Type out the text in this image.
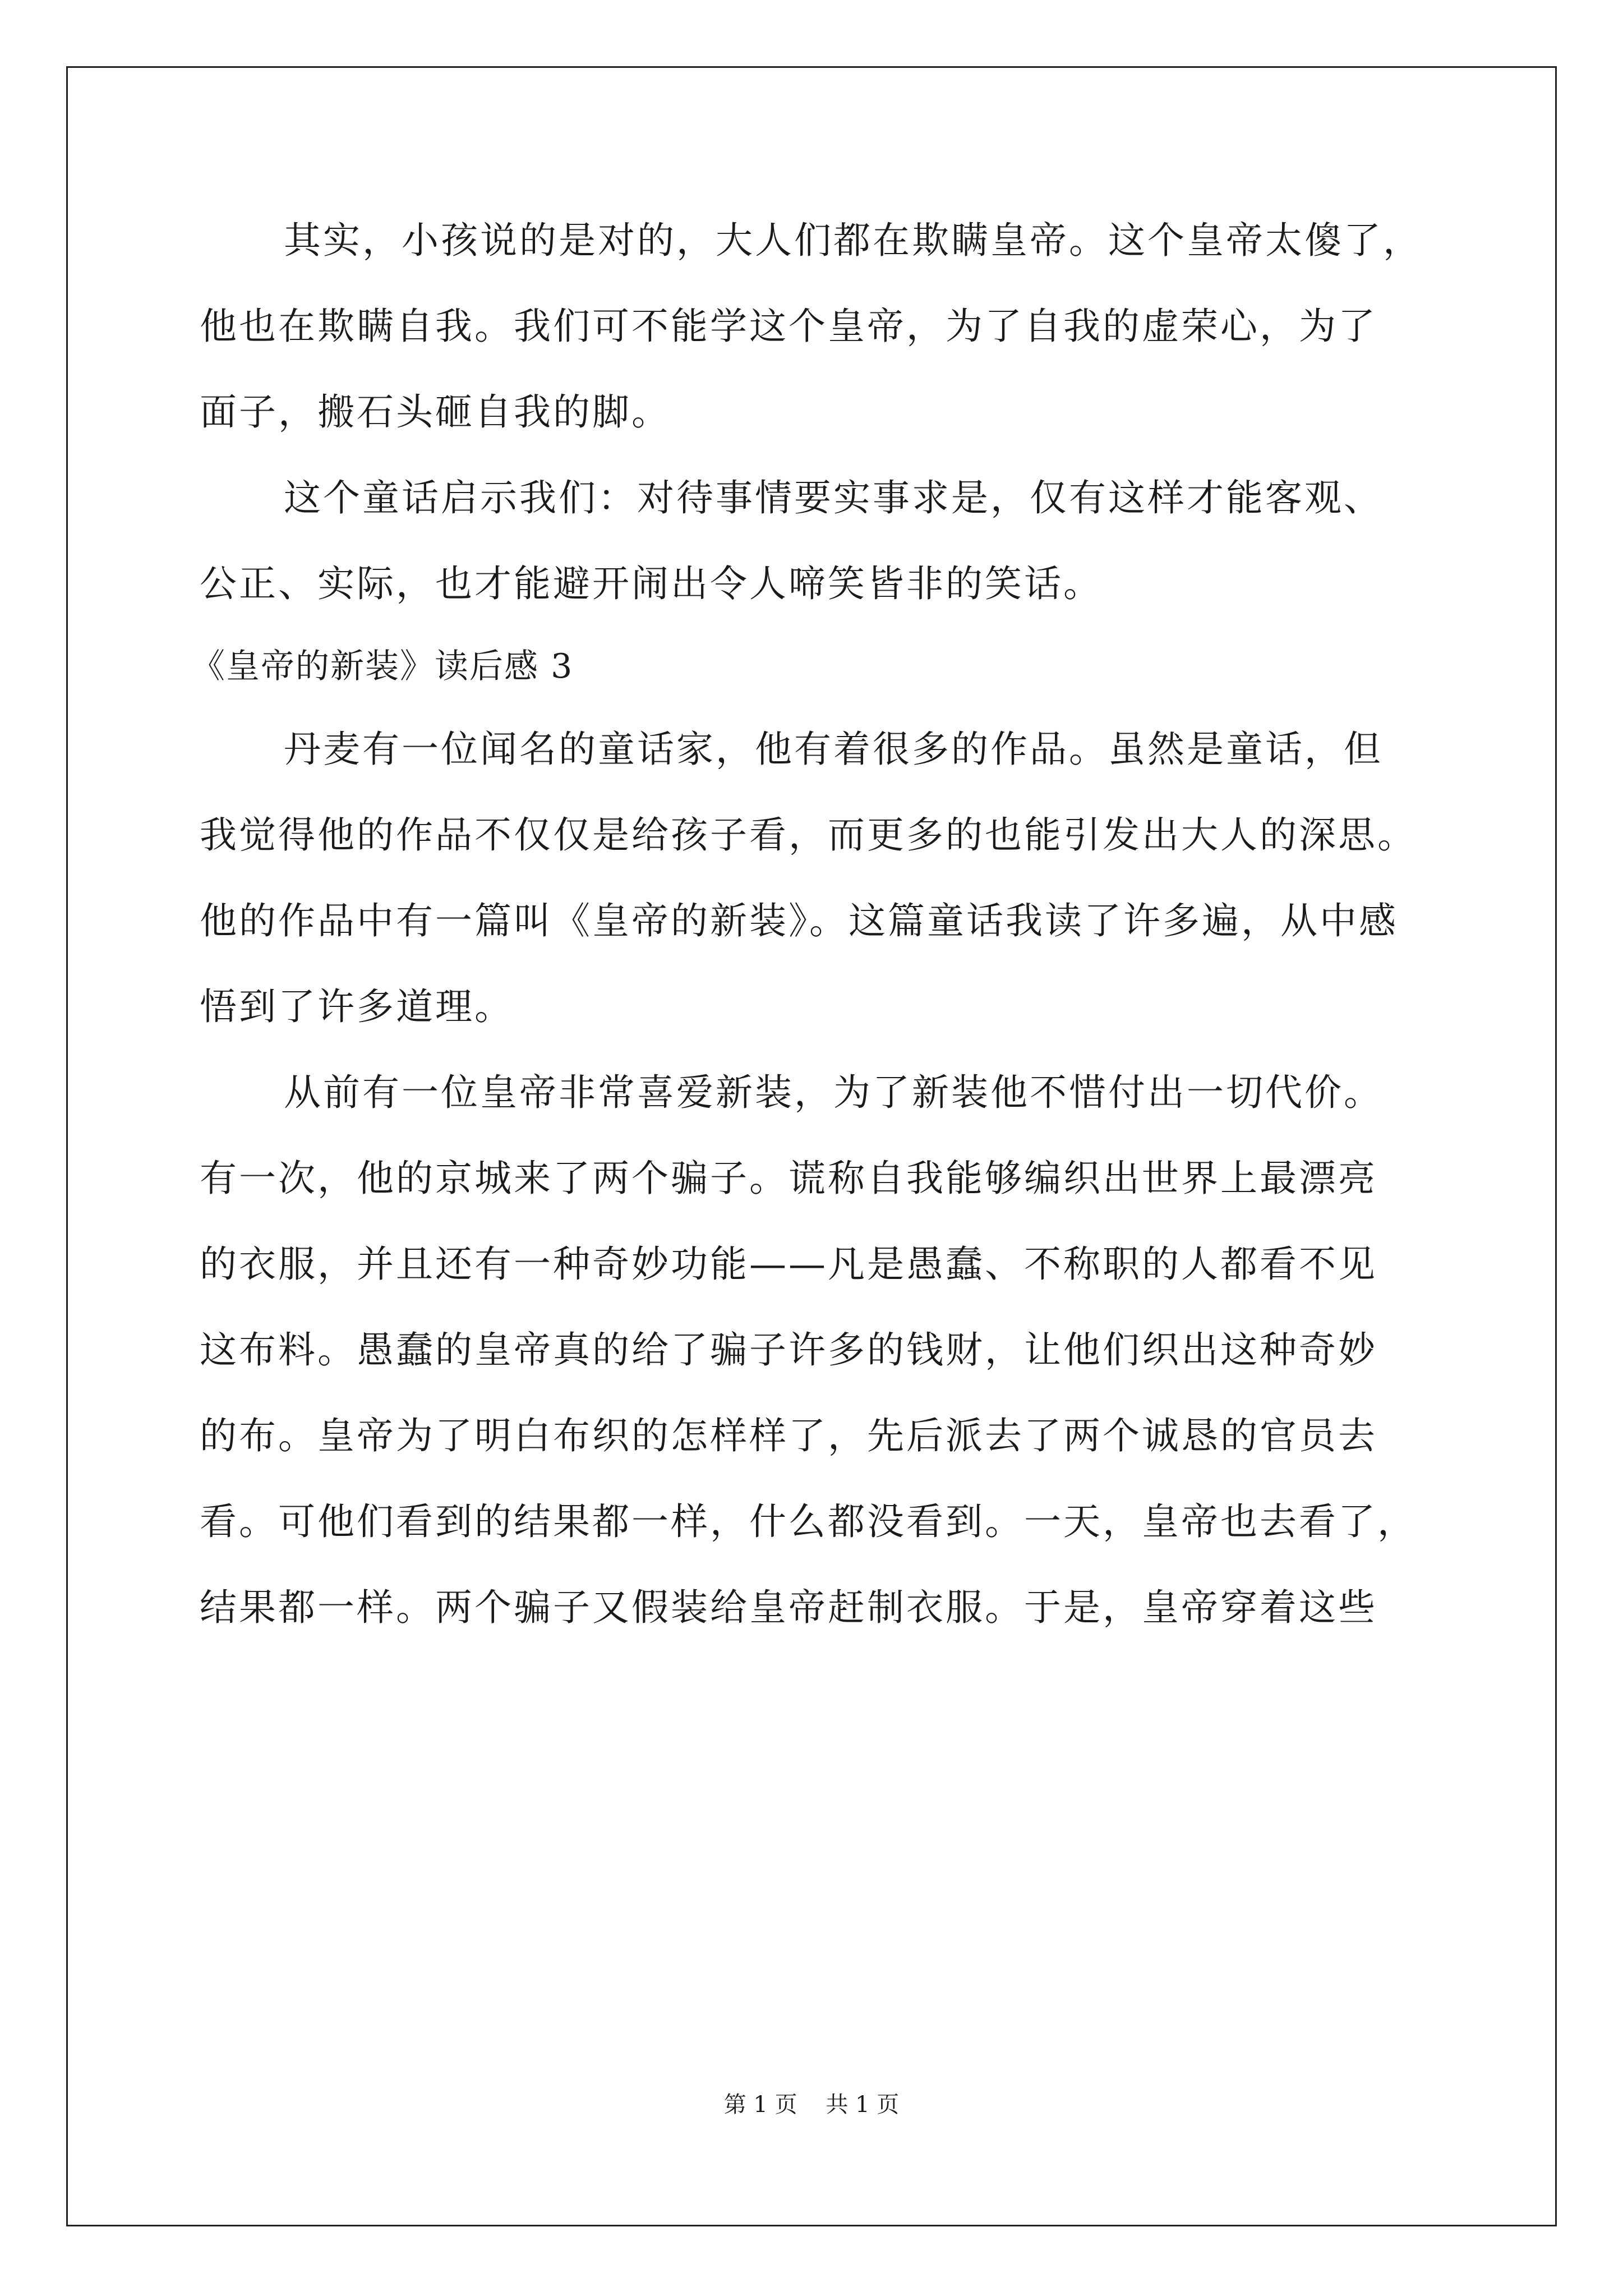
其实，小孩说的是对的，大人们都在欺瞒皇帝。这个皇帝太傻了，
他也在欺瞒自我。我们可不能学这个皇帝，为了自我的虚荣心，为了
面子，搬石头砸自我的脚。
这个童话启示我们：对待事情要实事求是，仅有这样才能客观、
公正、实际，也才能避开闹出令人啼笑皆非的笑话。
《皇帝的新装》读后感 3
丹麦有一位闻名的童话家，他有着很多的作品。虽然是童话，但
我觉得他的作品不仅仅是给孩子看，而更多的也能引发出大人的深思。
他的作品中有一篇叫《皇帝的新装》。这篇童话我读了许多遍，从中感
悟到了许多道理。
从前有一位皇帝非常喜爱新装，为了新装他不惜付出一切代价。
有一次，他的京城来了两个骗子。谎称自我能够编织出世界上最漂亮
的衣服，并且还有一种奇妙功能——凡是愚蠢、不称职的人都看不见
这布料。愚蠢的皇帝真的给了骗子许多的钱财，让他们织出这种奇妙
的布。皇帝为了明白布织的怎样样了，先后派去了两个诚恳的官员去
看。可他们看到的结果都一样，什么都没看到。一天，皇帝也去看了，
结果都一样。两个骗子又假装给皇帝赶制衣服。于是，皇帝穿着这些
第 1 页    共 1 页
